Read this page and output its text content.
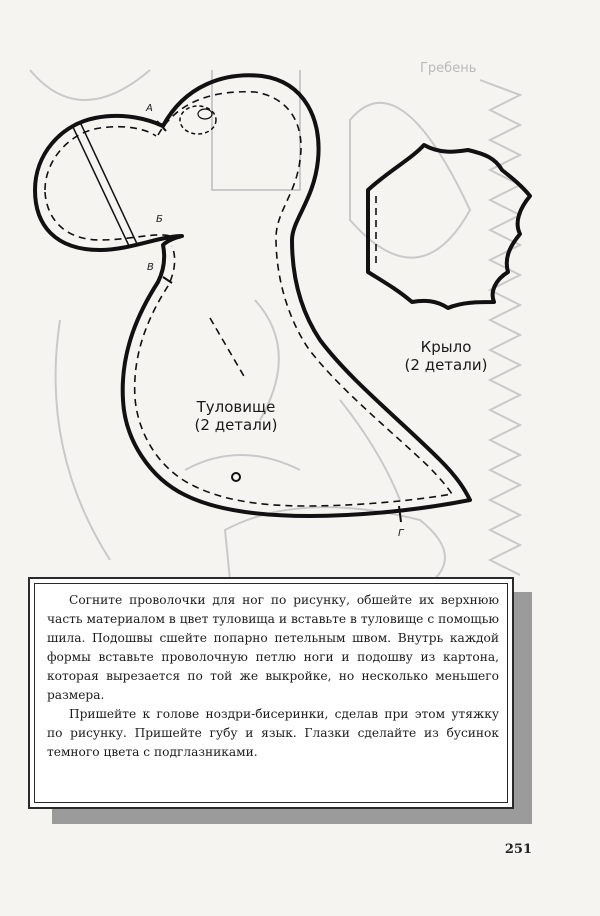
Гребень
А
Б
В
Г
Туловище
(2 детали)
Крыло
(2 детали)

Согните проволочки для ног по рисунку, обшейте их верхнюю часть материалом в цвет туловища и вставьте в туловище с помощью шила. Подошвы сшейте попарно петельным швом. Внутрь каждой формы вставьте проволочную петлю ноги и подошву из картона, которая вырезается по той же выкройке, но несколько меньшего размера.

Пришейте к голове ноздри-бисеринки, сделав при этом утяжку по рисунку. Пришейте губу и язык. Глазки сделайте из бусинок темного цвета с подглазниками.

251
